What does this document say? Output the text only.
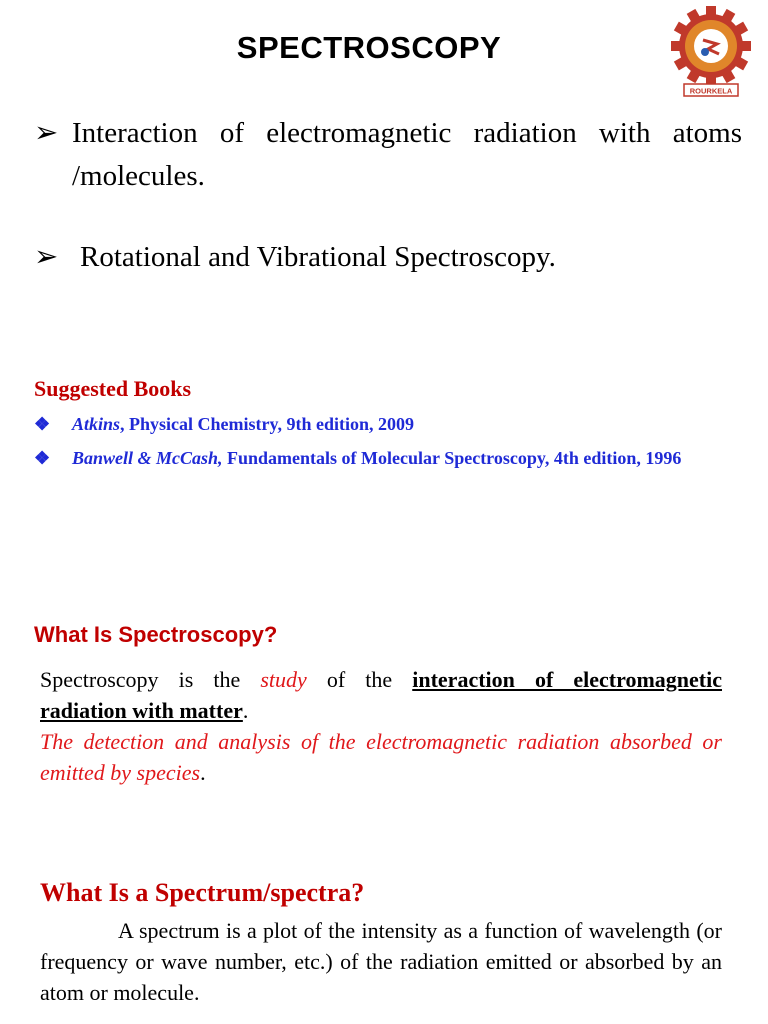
SPECTROSCOPY
ROURKELA
➢ Interaction of electromagnetic radiation with atoms /molecules.
➢ Rotational and Vibrational Spectroscopy.
Suggested Books
❖	Atkins, Physical Chemistry, 9th edition, 2009
❖	Banwell & McCash, Fundamentals of Molecular Spectroscopy, 4th edition, 1996
What Is Spectroscopy?
Spectroscopy is the study of the interaction of electromagnetic
radiation with matter.
The detection and analysis of the electromagnetic radiation absorbed or emitted by species.
What Is a Spectrum/spectra?
A spectrum is a plot of the intensity as a function of wavelength (or frequency or wave number, etc.) of the radiation emitted or absorbed by an atom or molecule.
